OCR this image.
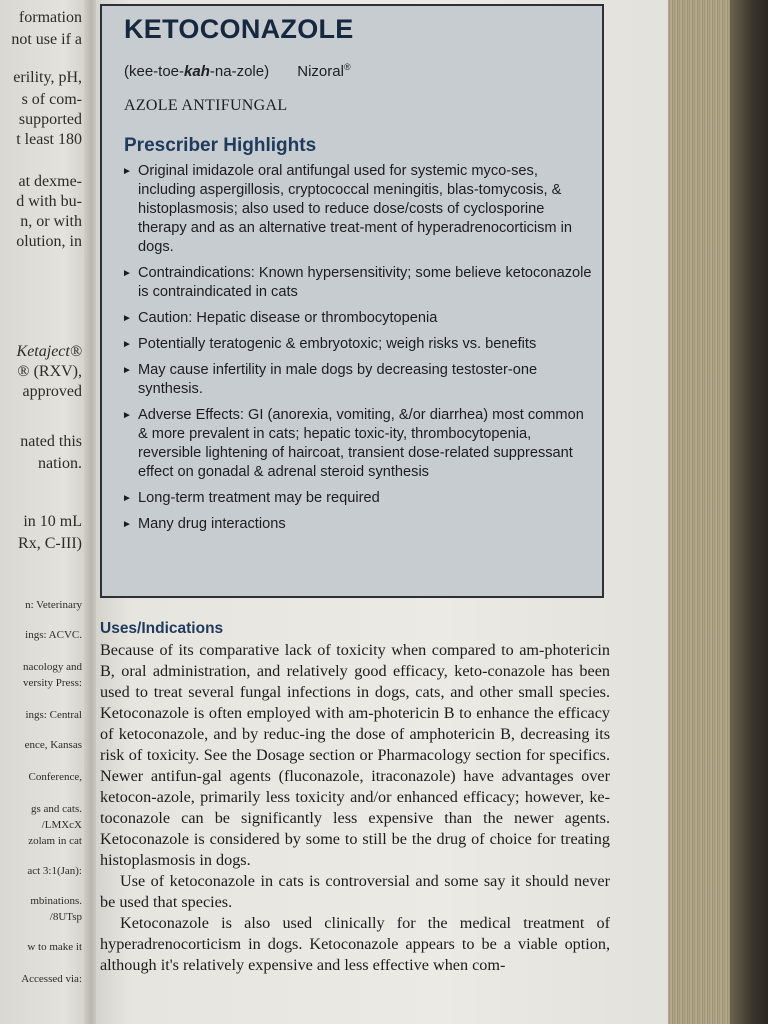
formation
not use if a
erility, pH,
s of com-
supported
t least 180
at dexme-
d with bu-
n, or with
olution, in
Ketaject®
® (RXV),
approved
nated this
nation.
in 10 mL
Rx, C-III)
n: Veterinary
ings: ACVC.
nacology and
versity Press:
ings: Central
ence, Kansas
Conference,
gs and cats.
/LMXcX
zolam in cat
act 3:1(Jan):
mbinations.
/8UTsp
w to make it
Accessed via:
KETOCONAZOLE
(kee-toe-kah-na-zole) Nizoral®
AZOLE ANTIFUNGAL
Prescriber Highlights
► Original imidazole oral antifungal used for systemic myco-ses, including aspergillosis, cryptococcal meningitis, blas-tomycosis, & histoplasmosis; also used to reduce dose/costs of cyclosporine therapy and as an alternative treat-ment of hyperadrenocorticism in dogs.
► Contraindications: Known hypersensitivity; some believe ketoconazole is contraindicated in cats
► Caution: Hepatic disease or thrombocytopenia
► Potentially teratogenic & embryotoxic; weigh risks vs. benefits
► May cause infertility in male dogs by decreasing testoster-one synthesis.
► Adverse Effects: GI (anorexia, vomiting, &/or diarrhea) most common & more prevalent in cats; hepatic toxic-ity, thrombocytopenia, reversible lightening of haircoat, transient dose-related suppressant effect on gonadal & adrenal steroid synthesis
► Long-term treatment may be required
► Many drug interactions
Uses/Indications

Because of its comparative lack of toxicity when compared to am-photericin B, oral administration, and relatively good efficacy, keto-conazole has been used to treat several fungal infections in dogs, cats, and other small species. Ketoconazole is often employed with am-photericin B to enhance the efficacy of ketoconazole, and by reduc-ing the dose of amphotericin B, decreasing its risk of toxicity. See the Dosage section or Pharmacology section for specifics. Newer antifun-gal agents (fluconazole, itraconazole) have advantages over ketocon-azole, primarily less toxicity and/or enhanced efficacy; however, ke-toconazole can be significantly less expensive than the newer agents. Ketoconazole is considered by some to still be the drug of choice for treating histoplasmosis in dogs.

Use of ketoconazole in cats is controversial and some say it should never be used that species.

Ketoconazole is also used clinically for the medical treatment of hyperadrenocorticism in dogs. Ketoconazole appears to be a viable option, although it's relatively expensive and less effective when com-
